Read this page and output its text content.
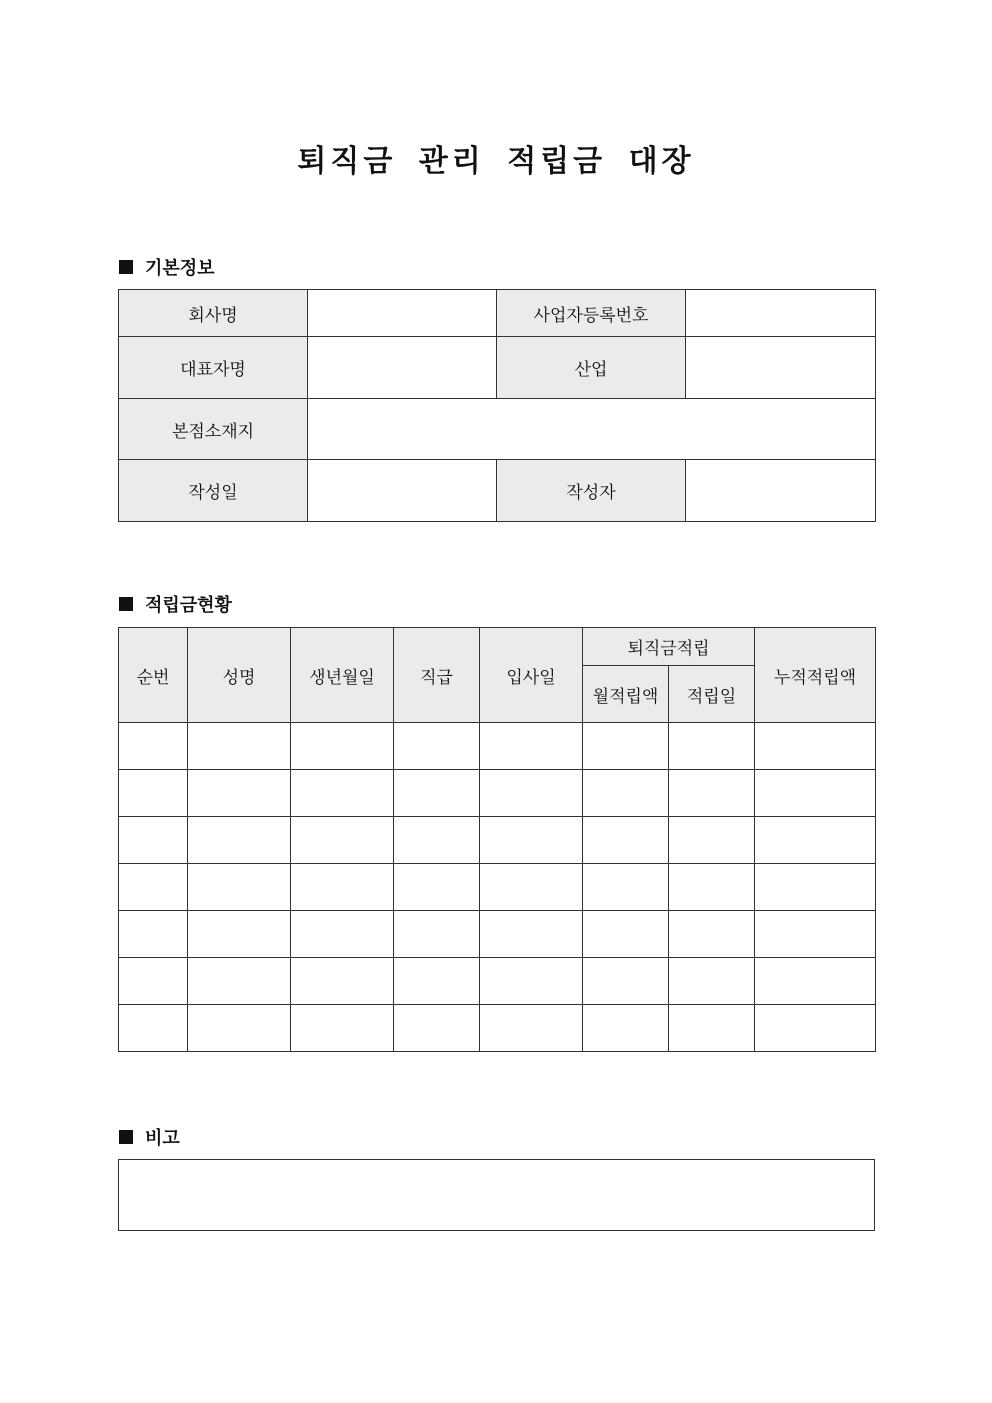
퇴직금 관리 적립금 대장
기본정보
회사명		사업자등록번호	
대표자명		산업	
본점소재지			
작성일		작성자	
적립금현황
순번	성명	생년월일	직급	입사일	퇴직금적립		누적적립액
					월적립액	적립일	

비고
